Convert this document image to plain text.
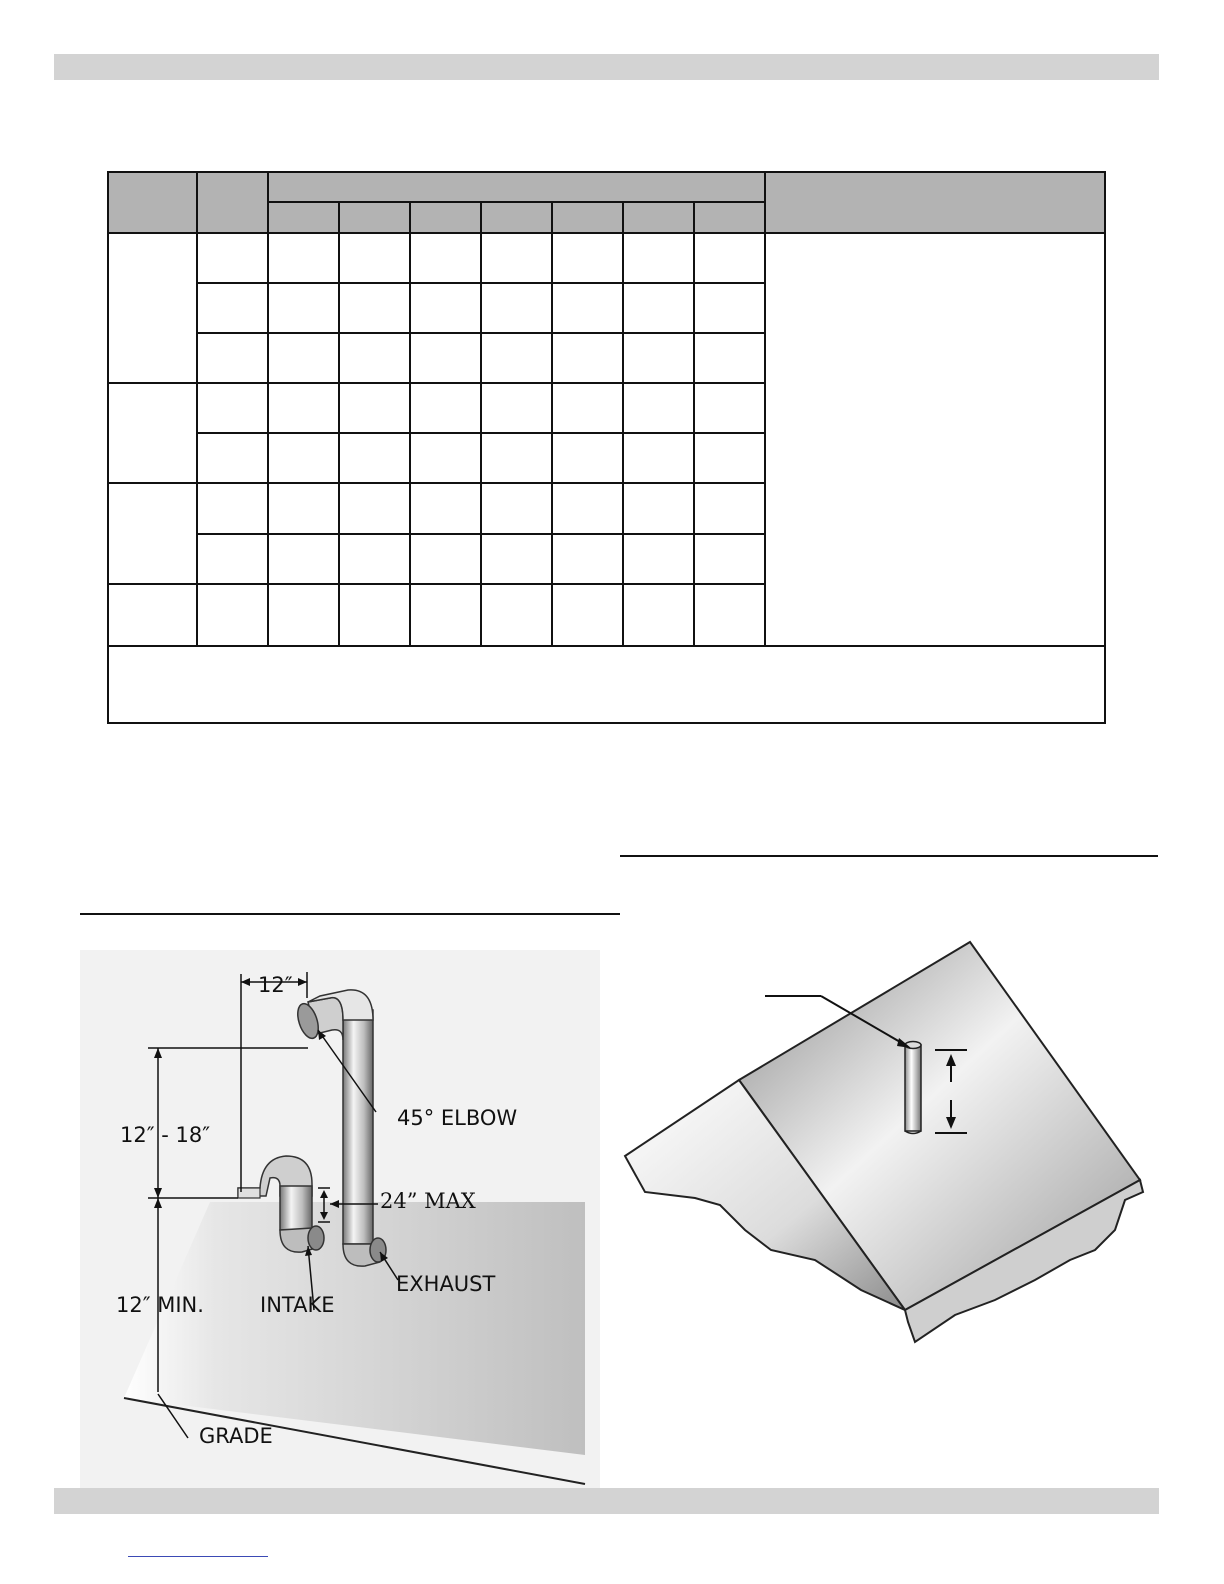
12″
12″ - 18″
45° ELBOW
24” MAX
INTAKE
EXHAUST
12″ MIN.
GRADE
